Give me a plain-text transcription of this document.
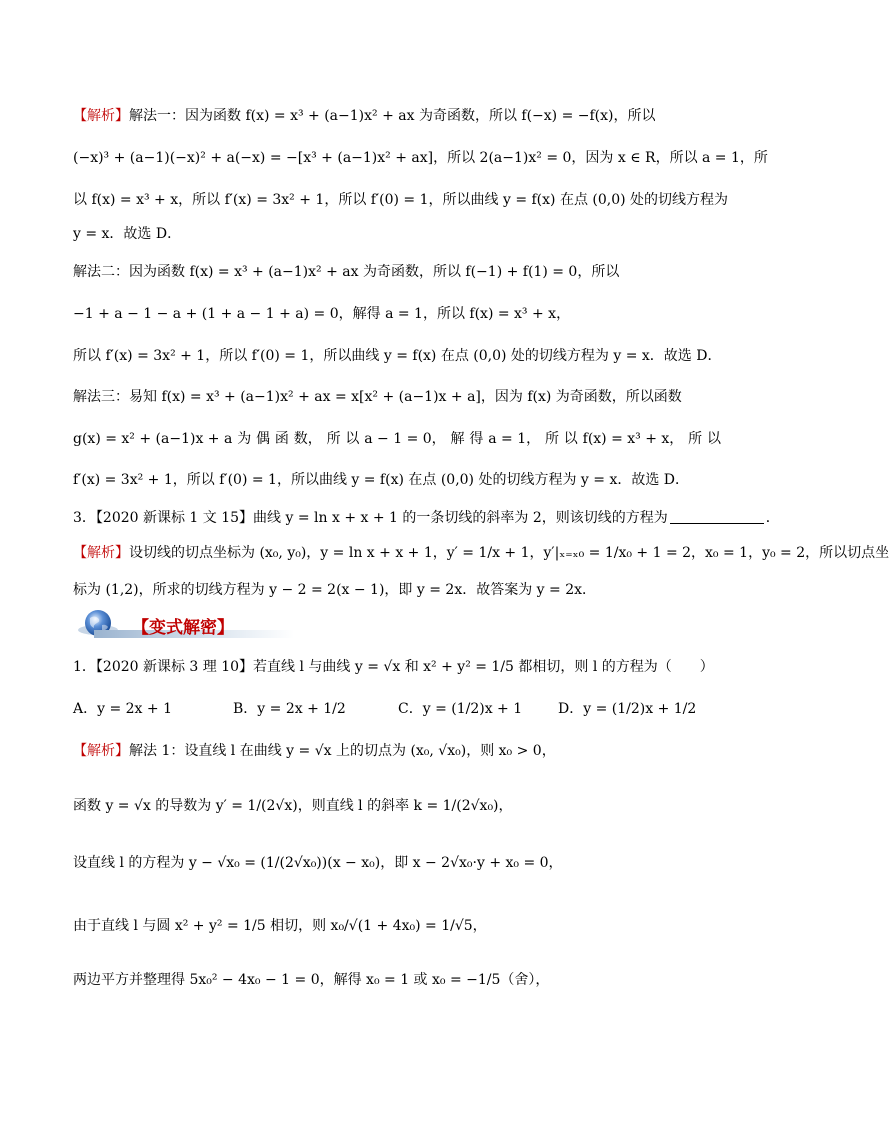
【解析】解法一：因为函数 f(x) = x³ + (a−1)x² + ax 为奇函数，所以 f(−x) = −f(x)，所以
(−x)³ + (a−1)(−x)² + a(−x) = −[x³ + (a−1)x² + ax]，所以 2(a−1)x² = 0，因为 x ∈ R，所以 a = 1，所
以 f(x) = x³ + x，所以 f′(x) = 3x² + 1，所以 f′(0) = 1，所以曲线 y = f(x) 在点 (0,0) 处的切线方程为
y = x．故选 D．
解法二：因为函数 f(x) = x³ + (a−1)x² + ax 为奇函数，所以 f(−1) + f(1) = 0，所以
−1 + a − 1 − a + (1 + a − 1 + a) = 0，解得 a = 1，所以 f(x) = x³ + x，
所以 f′(x) = 3x² + 1，所以 f′(0) = 1，所以曲线 y = f(x) 在点 (0,0) 处的切线方程为 y = x．故选 D．
解法三：易知 f(x) = x³ + (a−1)x² + ax = x[x² + (a−1)x + a]，因为 f(x) 为奇函数，所以函数
g(x) = x² + (a−1)x + a 为 偶 函 数， 所 以 a − 1 = 0， 解 得 a = 1， 所 以 f(x) = x³ + x， 所 以
f′(x) = 3x² + 1，所以 f′(0) = 1，所以曲线 y = f(x) 在点 (0,0) 处的切线方程为 y = x．故选 D．
3．【2020 新课标 1 文 15】曲线 y = ln x + x + 1 的一条切线的斜率为 2，则该切线的方程为	．
【解析】设切线的切点坐标为 (x₀, y₀)，y = ln x + x + 1，y′ = 1/x + 1，y′|ₓ₌ₓ₀ = 1/x₀ + 1 = 2，x₀ = 1，y₀ = 2，所以切点坐
标为 (1,2)，所求的切线方程为 y − 2 = 2(x − 1)，即 y = 2x．故答案为 y = 2x．
【变式解密】
1．【2020 新课标 3 理 10】若直线 l 与曲线 y = √x 和 x² + y² = 1/5 都相切，则 l 的方程为（　　）
A．y = 2x + 1	B．y = 2x + 1/2	C．y = (1/2)x + 1	D．y = (1/2)x + 1/2
【解析】解法 1：设直线 l 在曲线 y = √x 上的切点为 (x₀, √x₀)，则 x₀ > 0，
函数 y = √x 的导数为 y′ = 1/(2√x)，则直线 l 的斜率 k = 1/(2√x₀)，
设直线 l 的方程为 y − √x₀ = (1/(2√x₀))(x − x₀)，即 x − 2√x₀·y + x₀ = 0，
由于直线 l 与圆 x² + y² = 1/5 相切，则 x₀/√(1 + 4x₀) = 1/√5，
两边平方并整理得 5x₀² − 4x₀ − 1 = 0，解得 x₀ = 1 或 x₀ = −1/5（舍），
